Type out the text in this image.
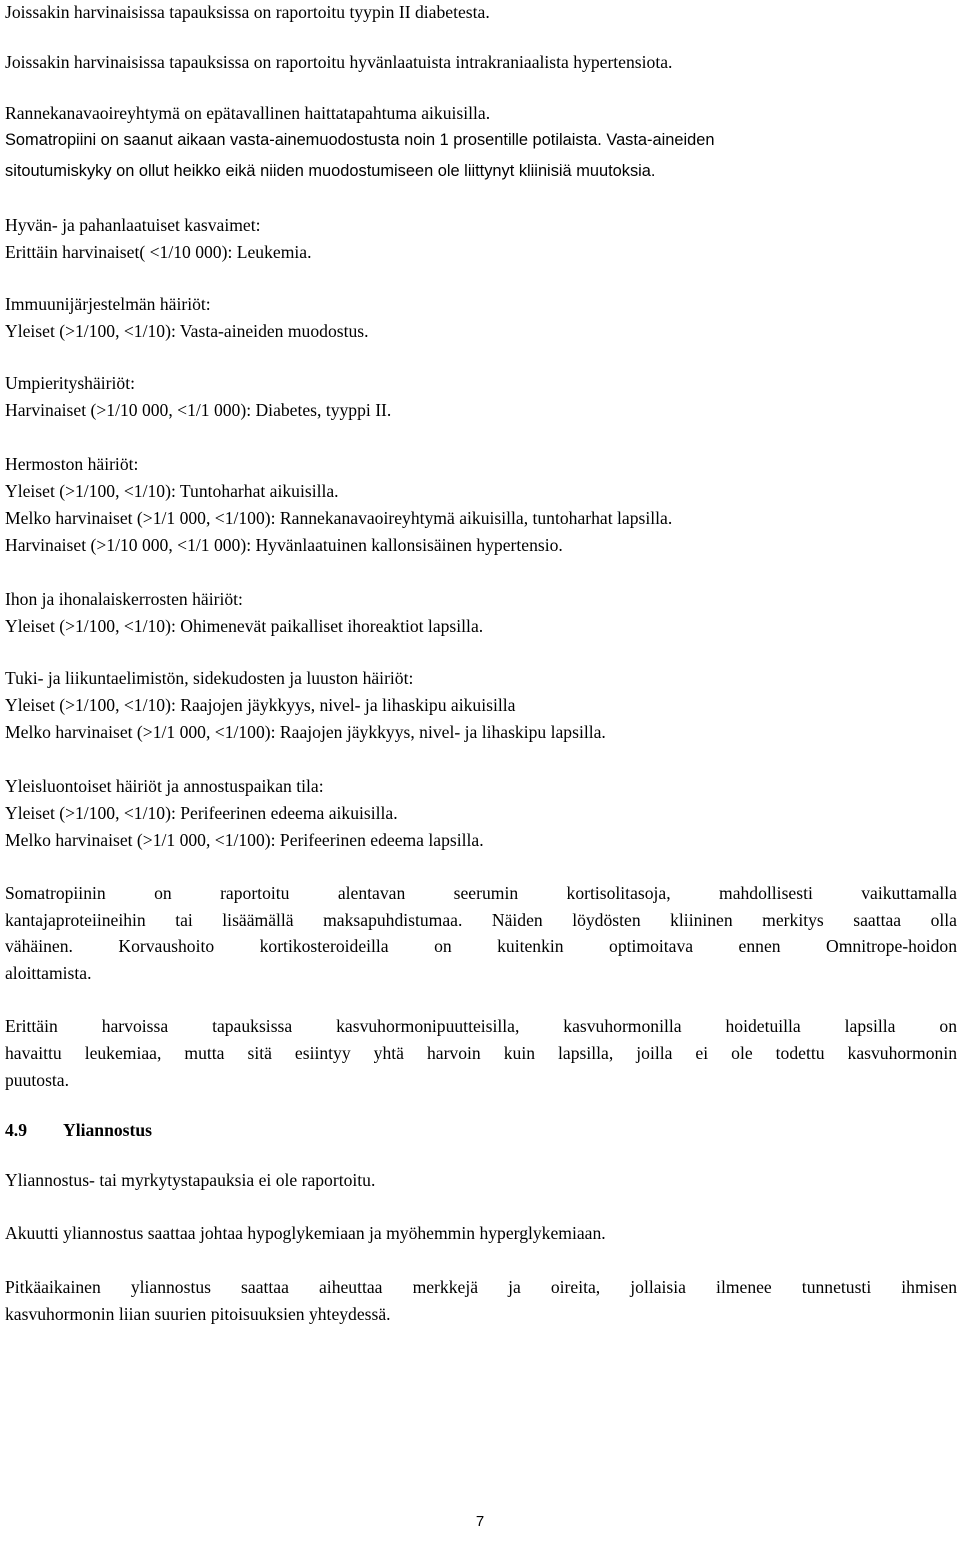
Joissakin harvinaisissa tapauksissa on raportoitu tyypin II diabetesta.

Joissakin harvinaisissa tapauksissa on raportoitu hyvänlaatuista intrakraniaalista hypertensiota.

Rannekanavaoireyhtymä on epätavallinen haittatapahtuma aikuisilla.

Somatropiini on saanut aikaan vasta-ainemuodostusta noin 1 prosentille potilaista. Vasta-aineiden

sitoutumiskyky on ollut heikko eikä niiden muodostumiseen ole liittynyt kliinisiä muutoksia.

Hyvän- ja pahanlaatuiset kasvaimet:

Erittäin harvinaiset( <1/10 000): Leukemia.

Immuunijärjestelmän häiriöt:

Yleiset (>1/100, <1/10): Vasta-aineiden muodostus.

Umpierityshäiriöt:

Harvinaiset (>1/10 000, <1/1 000): Diabetes, tyyppi II.

Hermoston häiriöt:

Yleiset (>1/100, <1/10): Tuntoharhat aikuisilla.

Melko harvinaiset (>1/1 000, <1/100): Rannekanavaoireyhtymä aikuisilla, tuntoharhat lapsilla.

Harvinaiset (>1/10 000, <1/1 000): Hyvänlaatuinen kallonsisäinen hypertensio.

Ihon ja ihonalaiskerrosten häiriöt:

Yleiset (>1/100, <1/10): Ohimenevät paikalliset ihoreaktiot lapsilla.

Tuki- ja liikuntaelimistön, sidekudosten ja luuston häiriöt:

Yleiset (>1/100, <1/10): Raajojen jäykkyys, nivel- ja lihaskipu aikuisilla

Melko harvinaiset (>1/1 000, <1/100): Raajojen jäykkyys, nivel- ja lihaskipu lapsilla.

Yleisluontoiset häiriöt ja annostuspaikan tila:

Yleiset (>1/100, <1/10): Perifeerinen edeema aikuisilla.

Melko harvinaiset (>1/1 000, <1/100): Perifeerinen edeema lapsilla.

Somatropiinin on raportoitu alentavan seerumin kortisolitasoja, mahdollisesti vaikuttamalla

kantajaproteiineihin tai lisäämällä maksapuhdistumaa. Näiden löydösten kliininen merkitys saattaa olla

vähäinen. Korvaushoito kortikosteroideilla on kuitenkin optimoitava ennen Omnitrope-hoidon

aloittamista.

Erittäin harvoissa tapauksissa kasvuhormonipuutteisilla, kasvuhormonilla hoidetuilla lapsilla on

havaittu leukemiaa, mutta sitä esiintyy yhtä harvoin kuin lapsilla, joilla ei ole todettu kasvuhormonin

puutosta.

4.9 Yliannostus

Yliannostus- tai myrkytystapauksia ei ole raportoitu.

Akuutti yliannostus saattaa johtaa hypoglykemiaan ja myöhemmin hyperglykemiaan.

Pitkäaikainen yliannostus saattaa aiheuttaa merkkejä ja oireita, jollaisia ilmenee tunnetusti ihmisen

kasvuhormonin liian suurien pitoisuuksien yhteydessä.

7
